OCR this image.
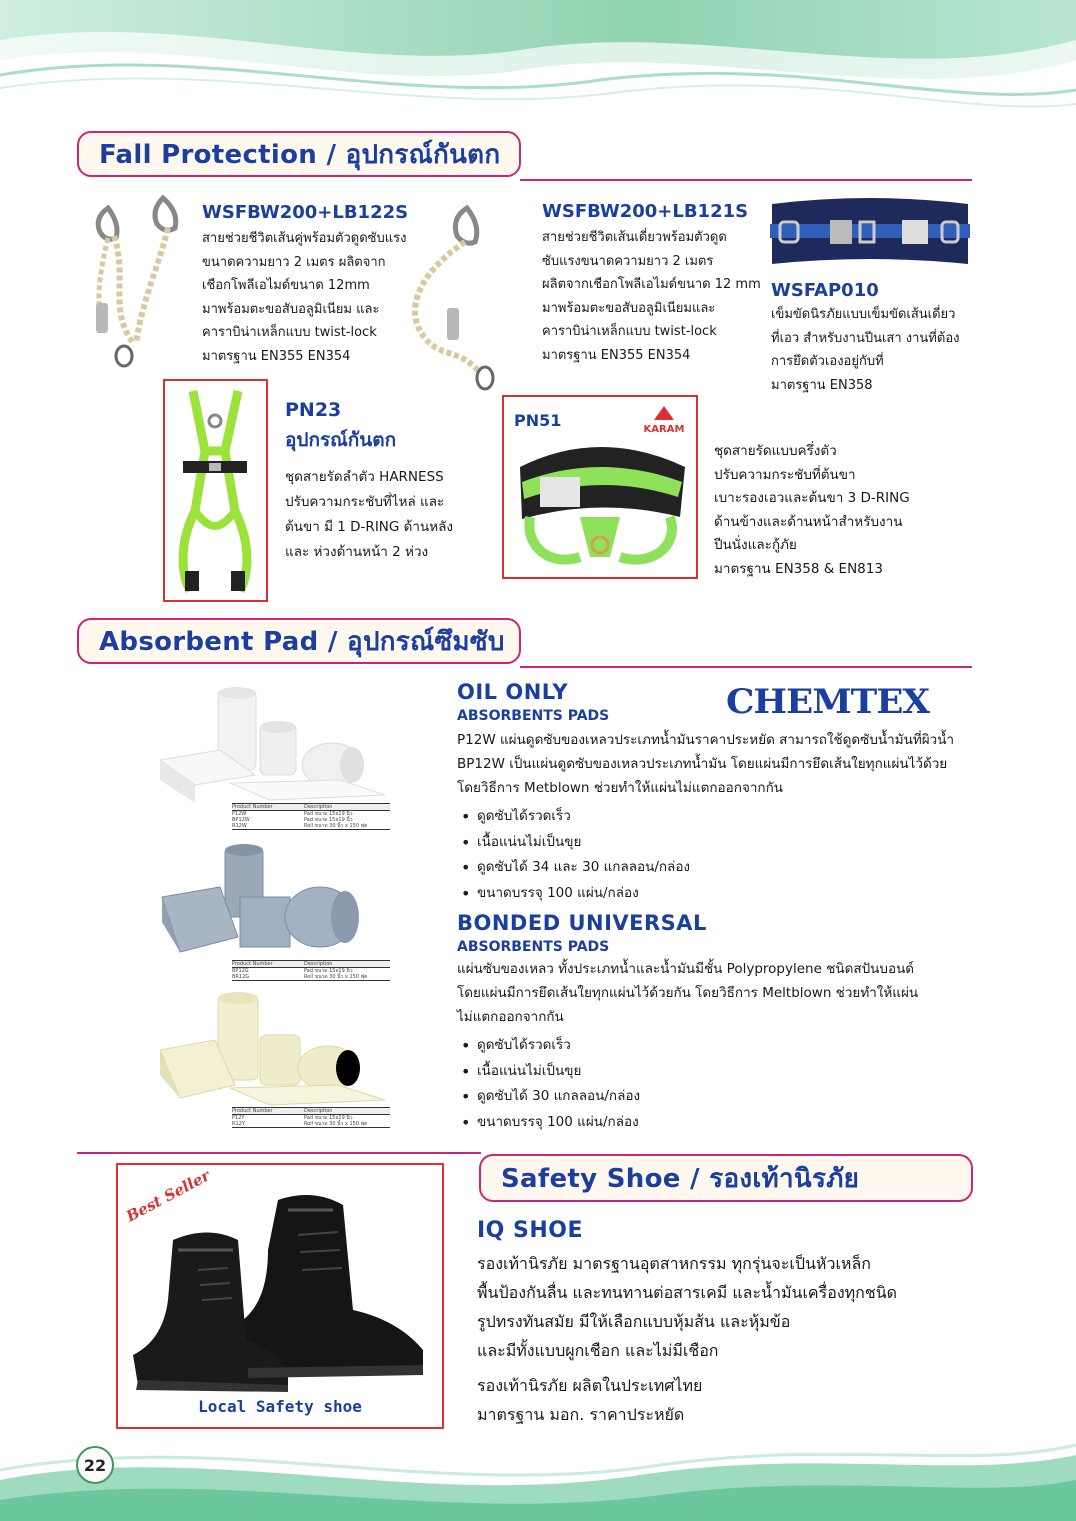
Fall Protection / อุปกรณ์กันตก
WSFBW200+LB122S
สายช่วยชีวิตเส้นคู่พร้อมตัวดูดซับแรง
ขนาดความยาว 2 เมตร ผลิตจาก
เชือกโพลีเอไมด์ขนาด 12mm
มาพร้อมตะขอสับอลูมิเนียม และ
คาราบิน่าเหล็กแบบ twist-lock
มาตรฐาน EN355 EN354
WSFBW200+LB121S
สายช่วยชีวิตเส้นเดี่ยวพร้อมตัวดูด
ซับแรงขนาดความยาว 2 เมตร
ผลิตจากเชือกโพลีเอไมด์ขนาด 12 mm
มาพร้อมตะขอสับอลูมิเนียมและ
คาราบิน่าเหล็กแบบ twist-lock
มาตรฐาน EN355 EN354
WSFAP010
เข็มขัดนิรภัยแบบเข็มขัดเส้นเดี่ยว
ที่เอว สำหรับงานปีนเสา งานที่ต้อง
การยึดตัวเองอยู่กับที่
มาตรฐาน EN358
PN23
อุปกรณ์กันตก
ชุดสายรัดลำตัว HARNESS
ปรับความกระชับที่ไหล่ และ
ต้นขา มี 1 D-RING ด้านหลัง
และ ห่วงด้านหน้า 2 ห่วง
PN51	KARAM
ชุดสายรัดแบบครึ่งตัว
ปรับความกระชับที่ต้นขา
เบาะรองเอวและต้นขา 3 D-RING
ด้านข้างและด้านหน้าสำหรับงาน
ปีนนั่งและกู้ภัย
มาตรฐาน EN358 & EN813
Absorbent Pad / อุปกรณ์ซึมซับ
Product Number	Description
P12W	Pad ขนาด 15x19 นิ้ว
BP12W	Pad ขนาด 15x19 นิ้ว
R12W	Roll ขนาด 30 นิ้ว x 150 ฟุต
Product Number	Description
BP12G	Pad ขนาด 15x19 นิ้ว
BR12G	Roll ขนาด 30 นิ้ว x 150 ฟุต
Product Number	Description
P12Y	Pad ขนาด 15x19 นิ้ว
R12Y	Roll ขนาด 30 นิ้ว x 150 ฟุต
CHEMTEX
OIL ONLY
ABSORBENTS PADS
P12W แผ่นดูดซับของเหลวประเภทน้ำมันราคาประหยัด สามารถใช้ดูดซับน้ำมันที่ผิวน้ำ
BP12W เป็นแผ่นดูดซับของเหลวประเภทน้ำมัน โดยแผ่นมีการยึดเส้นใยทุกแผ่นไว้ด้วย
โดยวิธีการ Metblown ช่วยทำให้แผ่นไม่แตกออกจากกัน
• ดูดซับได้รวดเร็ว
• เนื้อแน่นไม่เป็นขุย
• ดูดซับได้ 34 และ 30 แกลลอน/กล่อง
• ขนาดบรรจุ 100 แผ่น/กล่อง
BONDED UNIVERSAL
ABSORBENTS PADS
แผ่นซับของเหลว ทั้งประเภทน้ำและน้ำมันมีชั้น Polypropylene ชนิดสปันบอนด์
โดยแผ่นมีการยึดเส้นใยทุกแผ่นไว้ด้วยกัน โดยวิธีการ Meltblown ช่วยทำให้แผ่น
ไม่แตกออกจากกัน
• ดูดซับได้รวดเร็ว
• เนื้อแน่นไม่เป็นขุย
• ดูดซับได้ 30 แกลลอน/กล่อง
• ขนาดบรรจุ 100 แผ่น/กล่อง
Safety Shoe / รองเท้านิรภัย
Best Seller
Local Safety shoe
IQ SHOE
รองเท้านิรภัย มาตรฐานอุตสาหกรรม ทุกรุ่นจะเป็นหัวเหล็ก
พื้นป้องกันลื่น และทนทานต่อสารเคมี และน้ำมันเครื่องทุกชนิด
รูปทรงทันสมัย มีให้เลือกแบบหุ้มส้น และหุ้มข้อ
และมีทั้งแบบผูกเชือก และไม่มีเชือก
รองเท้านิรภัย ผลิตในประเทศไทย
มาตรฐาน มอก. ราคาประหยัด
22
